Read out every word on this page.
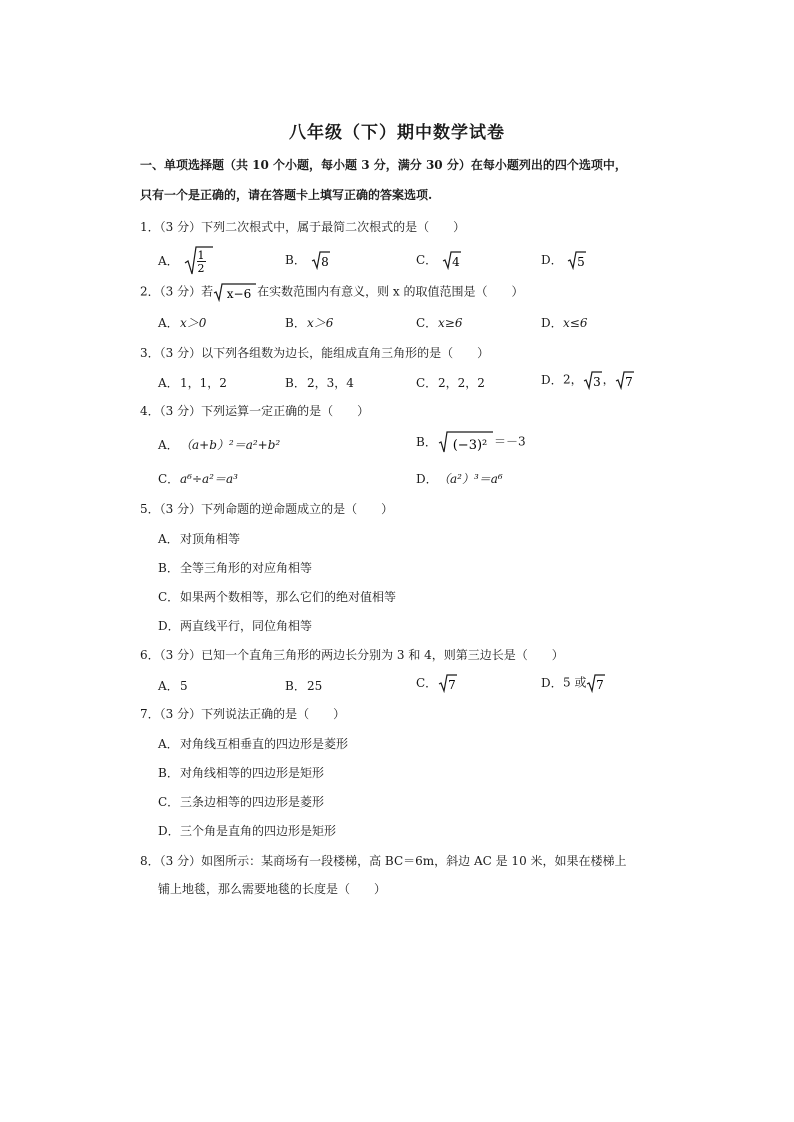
八年级（下）期中数学试卷
一、单项选择题（共 10 个小题，每小题 3 分，满分 30 分）在每小题列出的四个选项中，
只有一个是正确的，请在答题卡上填写正确的答案选项.
1．（3 分）下列二次根式中，属于最简二次根式的是（　　）
A． 1
2
B． 8	C． 4	D． 5
2．（3 分）若 x−6 在实数范围内有意义，则 x 的取值范围是（　　）
A．x＞0	B．x＞6	C．x≥6	D．x≤6
3．（3 分）以下列各组数为边长，能组成直角三角形的是（　　）
A．1，1，2	B．2，3，4	C．2，2，2	D．2， 3 ， 7
4．（3 分）下列运算一定正确的是（　　）
A．（a+b）²＝a²+b²	B． (−3)² ＝－3
C．a⁶÷a²＝a³	D．（a²）³＝a⁶
5．（3 分）下列命题的逆命题成立的是（　　）
A．对顶角相等
B．全等三角形的对应角相等
C．如果两个数相等，那么它们的绝对值相等
D．两直线平行，同位角相等
6．（3 分）已知一个直角三角形的两边长分别为 3 和 4，则第三边长是（　　）
A．5	B．25	C． 7	D．5 或 7
7．（3 分）下列说法正确的是（　　）
A．对角线互相垂直的四边形是菱形
B．对角线相等的四边形是矩形
C．三条边相等的四边形是菱形
D．三个角是直角的四边形是矩形
8．（3 分）如图所示：某商场有一段楼梯，高 BC＝6m，斜边 AC 是 10 米，如果在楼梯上
铺上地毯，那么需要地毯的长度是（　　）
